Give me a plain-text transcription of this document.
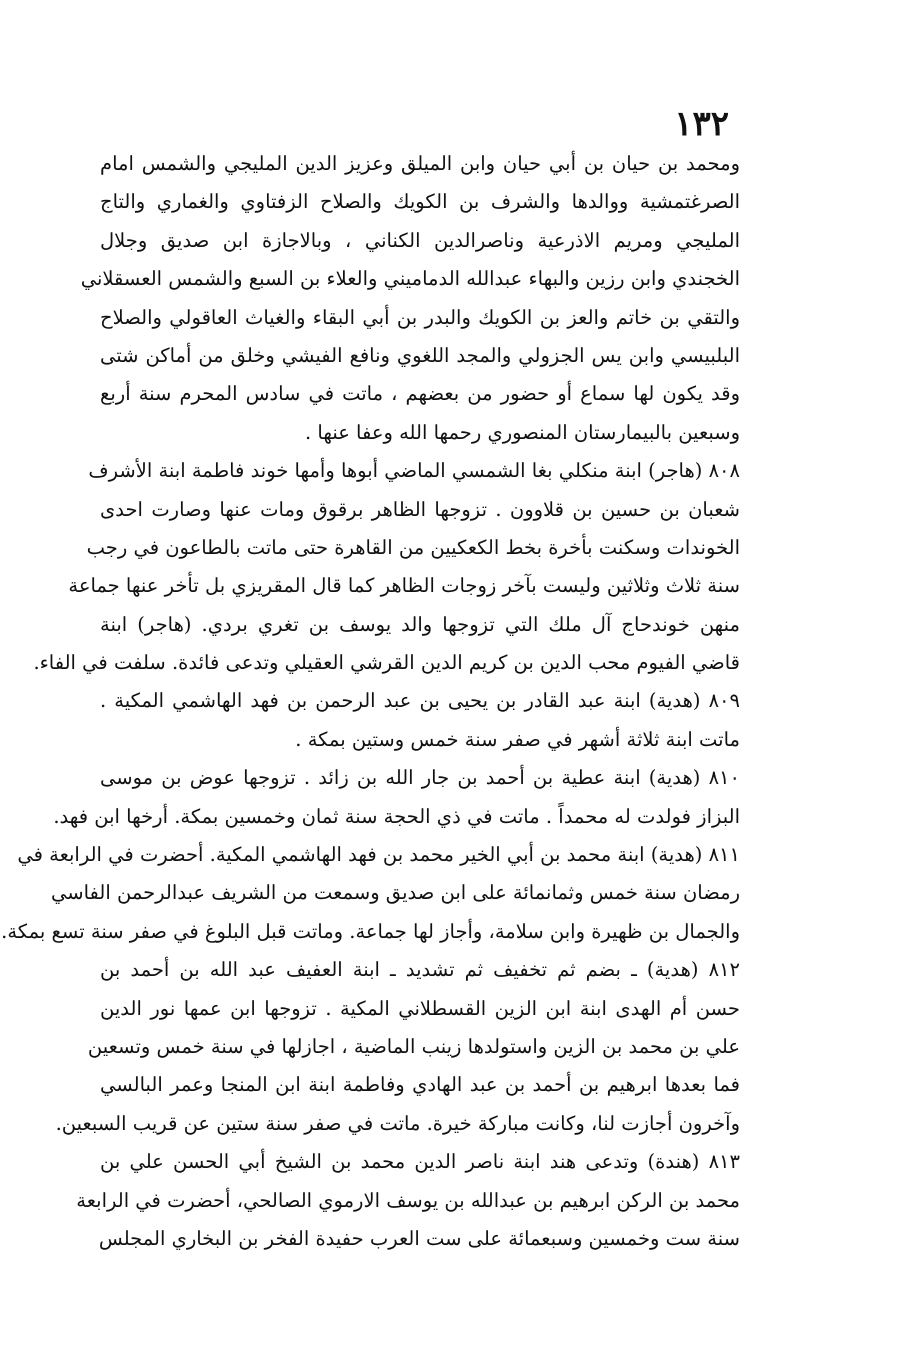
١٣٢
ومحمد بن حيان بن أبي حيان وابن الميلق وعزيز الدين المليجي والشمس امام
الصرغتمشية ووالدها والشرف بن الكويك والصلاح الزفتاوي والغماري والتاج
المليجي ومريم الاذرعية وناصرالدين الكناني ، وبالاجازة ابن صديق وجلال
الخجندي وابن رزين والبهاء عبدالله الدماميني والعلاء بن السبع والشمس العسقلاني
والتقي بن خاتم والعز بن الكويك والبدر بن أبي البقاء والغياث العاقولي والصلاح
البلبيسي وابن يس الجزولي والمجد اللغوي ونافع الفيشي وخلق من أماكن شتى
وقد يكون لها سماع أو حضور من بعضهم ، ماتت في سادس المحرم سنة أربع
وسبعين بالبيمارستان المنصوري رحمها الله وعفا عنها .
٨٠٨ (هاجر) ابنة منكلي بغا الشمسي الماضي أبوها وأمها خوند فاطمة ابنة الأشرف
شعبان بن حسين بن قلاوون . تزوجها الظاهر برقوق ومات عنها وصارت احدى
الخوندات وسكنت بأخرة بخط الكعكيين من القاهرة حتى ماتت بالطاعون في رجب
سنة ثلاث وثلاثين وليست بآخر زوجات الظاهر كما قال المقريزي بل تأخر عنها جماعة
منهن خوندحاج آل ملك التي تزوجها والد يوسف بن تغري بردي. (هاجر) ابنة
قاضي الفيوم محب الدين بن كريم الدين القرشي العقيلي وتدعى فائدة. سلفت في الفاء.
٨٠٩ (هدية) ابنة عبد القادر بن يحيى بن عبد الرحمن بن فهد الهاشمي المكية .
ماتت ابنة ثلاثة أشهر في صفر سنة خمس وستين بمكة .
٨١٠ (هدية) ابنة عطية بن أحمد بن جار الله بن زائد . تزوجها عوض بن موسى
البزاز فولدت له محمداً . ماتت في ذي الحجة سنة ثمان وخمسين بمكة. أرخها ابن فهد.
٨١١ (هدية) ابنة محمد بن أبي الخير محمد بن فهد الهاشمي المكية. أحضرت في الرابعة في
رمضان سنة خمس وثمانمائة على ابن صديق وسمعت من الشريف عبدالرحمن الفاسي
والجمال بن ظهيرة وابن سلامة، وأجاز لها جماعة. وماتت قبل البلوغ في صفر سنة تسع بمكة.
٨١٢ (هدية) ـ بضم ثم تخفيف ثم تشديد ـ ابنة العفيف عبد الله بن أحمد بن
حسن أم الهدى ابنة ابن الزين القسطلاني المكية . تزوجها ابن عمها نور الدين
علي بن محمد بن الزين واستولدها زينب الماضية ، اجازلها في سنة خمس وتسعين
فما بعدها ابرهيم بن أحمد بن عبد الهادي وفاطمة ابنة ابن المنجا وعمر البالسي
وآخرون أجازت لنا، وكانت مباركة خيرة. ماتت في صفر سنة ستين عن قريب السبعين.
٨١٣ (هندة) وتدعى هند ابنة ناصر الدين محمد بن الشيخ أبي الحسن علي بن
محمد بن الركن ابرهيم بن عبدالله بن يوسف الارموي الصالحي، أحضرت في الرابعة
سنة ست وخمسين وسبعمائة على ست العرب حفيدة الفخر بن البخاري المجلس
